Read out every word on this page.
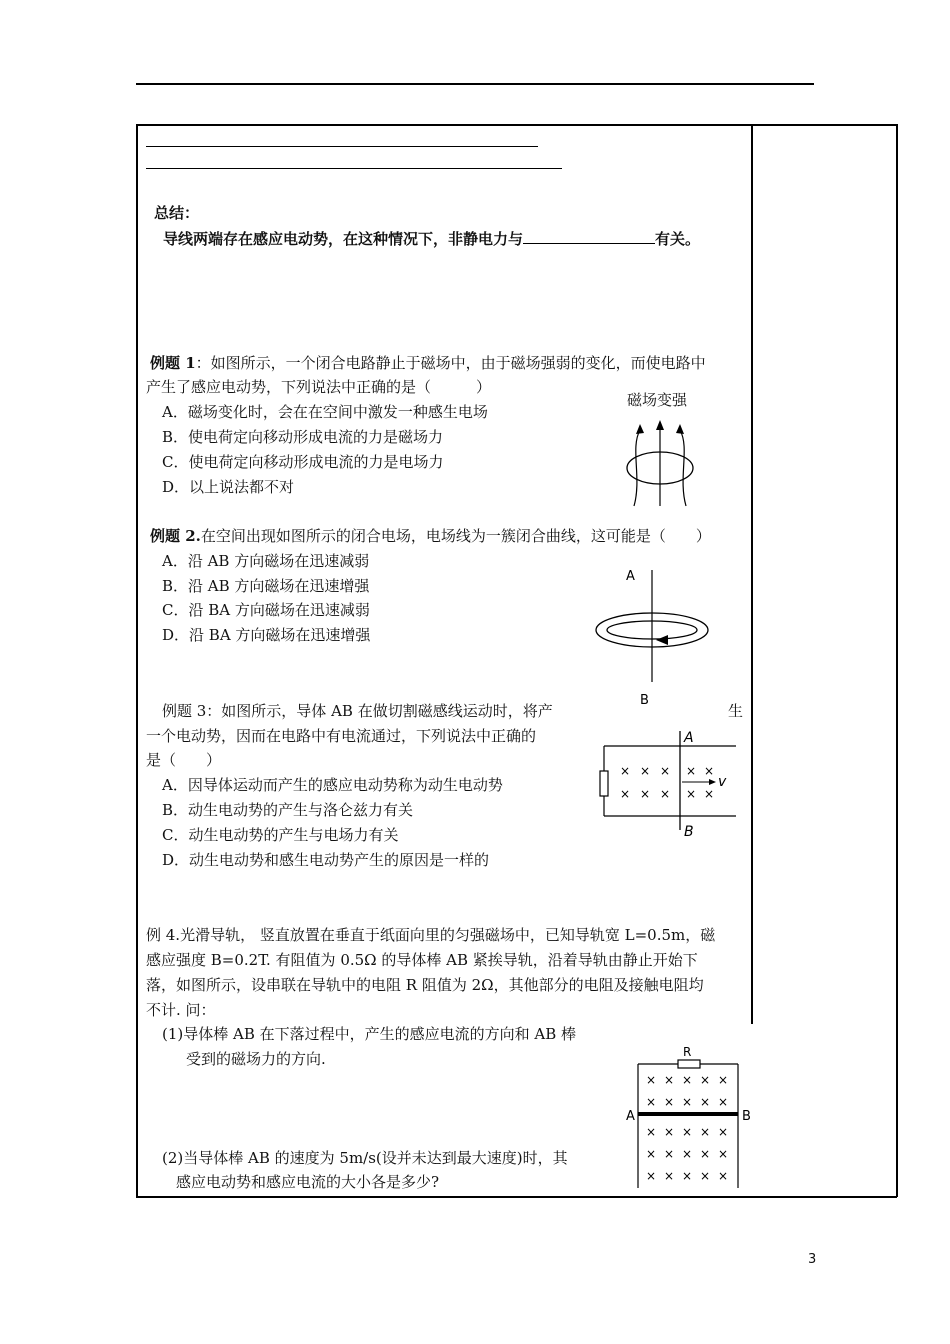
总结：
导线两端存在感应电动势，在这种情况下，非静电力与	有关。
例题 1：如图所示，一个闭合电路静止于磁场中，由于磁场强弱的变化，而使电路中
产生了感应电动势，下列说法中正确的是（　　　）
A．磁场变化时，会在在空间中激发一种感生电场
B．使电荷定向移动形成电流的力是磁场力
C．使电荷定向移动形成电流的力是电场力
D．以上说法都不对
磁场变强
例题 2.在空间出现如图所示的闭合电场，电场线为一簇闭合曲线，这可能是（　　）
A．沿 AB 方向磁场在迅速减弱
B．沿 AB 方向磁场在迅速增强
C．沿 BA 方向磁场在迅速减弱
D．沿 BA 方向磁场在迅速增强
A
B
例题 3：如图所示，导体 AB 在做切割磁感线运动时，将产	生
一个电动势，因而在电路中有电流通过，下列说法中正确的
是（　　）
A．因导体运动而产生的感应电动势称为动生电动势
B．动生电动势的产生与洛仑兹力有关
C．动生电动势的产生与电场力有关
D．动生电动势和感生电动势产生的原因是一样的
A
B
× × × × ×
× × × × ×
v
例 4.光滑导轨， 竖直放置在垂直于纸面向里的匀强磁场中，已知导轨宽 L=0.5m，磁
感应强度 B=0.2T. 有阻值为 0.5Ω 的导体棒 AB 紧挨导轨，沿着导轨由静止开始下
落，如图所示，设串联在导轨中的电阻 R 阻值为 2Ω，其他部分的电阻及接触电阻均
不计. 问：
(1)导体棒 AB 在下落过程中，产生的感应电流的方向和 AB 棒
受到的磁场力的方向.
(2)当导体棒 AB 的速度为 5m/s(设并未达到最大速度)时，其
感应电动势和感应电流的大小各是多少?
R
A	B
× × × × ×
× × × × ×
× × × × ×
× × × × ×
× × × × ×
3
